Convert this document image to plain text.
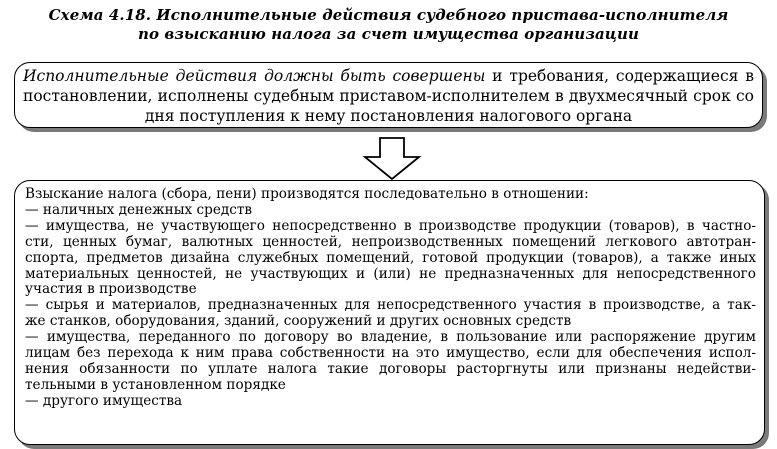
Схема 4.18. Исполнительные действия судебного пристава-исполнителя
по взысканию налога за счет имущества организации
Исполнительные действия должны быть совершены и требования, содержащиеся в постановлении, исполнены судебным приставом-исполнителем в двухмесячный срок со дня поступления к нему постановления налогового органа
Взыскание налога (сбора, пени) производятся последовательно в отношении:
— наличных денежных средств
— имущества, не участвующего непосредственно в производстве продукции (товаров), в частно-
сти, ценных бумаг, валютных ценностей, непроизводственных помещений легкового автотран-
спорта, предметов дизайна служебных помещений, готовой продукции (товаров), а также иных
материальных ценностей, не участвующих и (или) не предназначенных для непосредственного
участия в производстве
— сырья и материалов, предназначенных для непосредственного участия в производстве, а так-
же станков, оборудования, зданий, сооружений и других основных средств
— имущества, переданного по договору во владение, в пользование или распоряжение другим
лицам без перехода к ним права собственности на это имущество, если для обеспечения испол-
нения обязанности по уплате налога такие договоры расторгнуты или признаны недействи-
тельными в установленном порядке
— другого имущества
